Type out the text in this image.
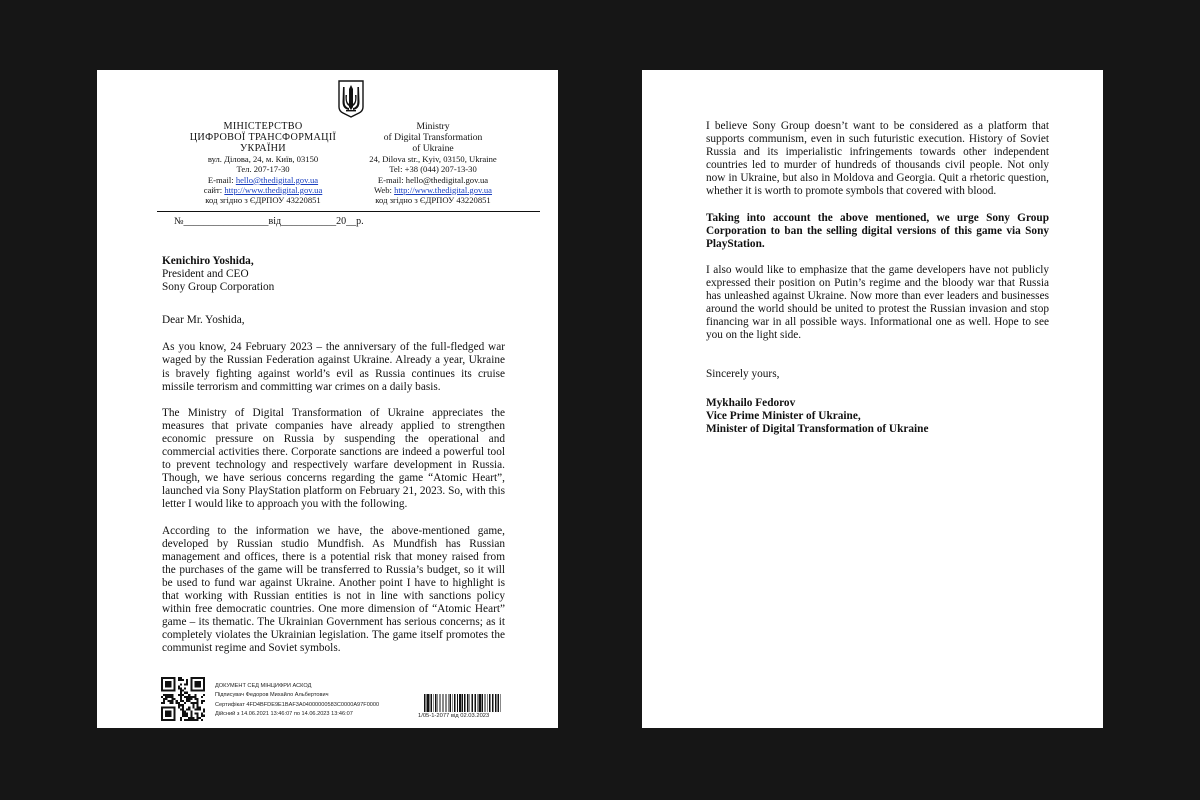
МІНІСТЕРСТВО
ЦИФРОВОЇ ТРАНСФОРМАЦІЇ
УКРАЇНИ
вул. Ділова, 24, м. Київ, 03150
Тел. 207-17-30
E-mail: hello@thedigital.gov.ua
сайт: http://www.thedigital.gov.ua
код згідно з ЄДРПОУ 43220851
Ministry
of Digital Transformation
of Ukraine
24, Dilova str., Kyiv, 03150, Ukraine
Tel: +38 (044) 207-13-30
E-mail: hello@thedigital.gov.ua
Web: http://www.thedigital.gov.ua
код згідно з ЄДРПОУ 43220851
№_________________від___________20__р.
Kenichiro Yoshida,
President and CEO
Sony Group Corporation

Dear Mr. Yoshida,

As you know, 24 February 2023 – the anniversary of the full-fledged war waged by the Russian Federation against Ukraine. Already a year, Ukraine is bravely fighting against world’s evil as Russia continues its cruise missile terrorism and committing war crimes on a daily basis.

The Ministry of Digital Transformation of Ukraine appreciates the measures that private companies have already applied to strengthen economic pressure on Russia by suspending the operational and commercial activities there. Corporate sanctions are indeed a powerful tool to prevent technology and respectively warfare development in Russia. Though, we have serious concerns regarding the game “Atomic Heart”, launched via Sony PlayStation platform on February 21, 2023. So, with this letter I would like to approach you with the following.

According to the information we have, the above-mentioned game, developed by Russian studio Mundfish. As Mundfish has Russian management and offices, there is a potential risk that money raised from the purchases of the game will be transferred to Russia’s budget, so it will be used to fund war against Ukraine. Another point I have to highlight is that working with Russian entities is not in line with sanctions policy within free democratic countries. One more dimension of “Atomic Heart” game – its thematic. The Ukrainian Government has serious concerns; as it completely violates the Ukrainian legislation. The game itself promotes the communist regime and Soviet symbols.

ДОКУМЕНТ СЕД МІНЦИФРИ АСКОД
Підписувач Федоров Михайло Альбертович
Сертифікат 4FD4BFDE9E1BAF3A04000000583C0000A97F0000
Дійсний з 14.06.2021 13:46:07 по 14.06.2023 13:46:07	1/05-1-2077 від 02.03.2023

I believe Sony Group doesn’t want to be considered as a platform that supports communism, even in such futuristic execution. History of Soviet Russia and its imperialistic infringements towards other independent countries led to murder of hundreds of thousands civil people. Not only now in Ukraine, but also in Moldova and Georgia. Quit a rhetoric question, whether it is worth to promote symbols that covered with blood.

Taking into account the above mentioned, we urge Sony Group Corporation to ban the selling digital versions of this game via Sony PlayStation.

I also would like to emphasize that the game developers have not publicly expressed their position on Putin’s regime and the bloody war that Russia has unleashed against Ukraine. Now more than ever leaders and businesses around the world should be united to protest the Russian invasion and stop financing war in all possible ways. Informational one as well. Hope to see you on the light side.

Sincerely yours,

Mykhailo Fedorov
Vice Prime Minister of Ukraine,
Minister of Digital Transformation of Ukraine
